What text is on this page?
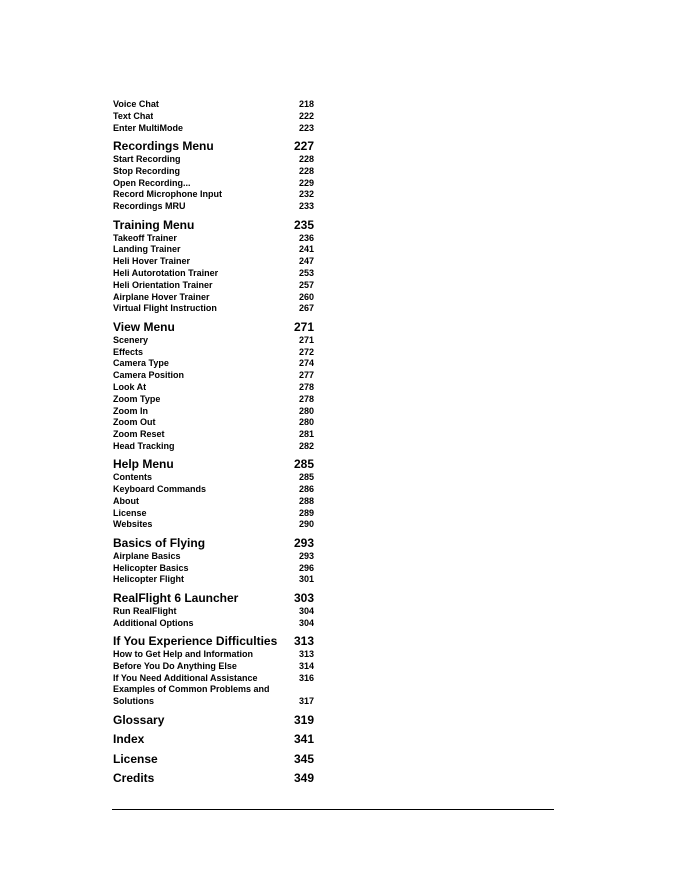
Voice Chat	218
Text Chat	222
Enter MultiMode	223
Recordings Menu	227
Start Recording	228
Stop Recording	228
Open Recording...	229
Record Microphone Input	232
Recordings MRU	233
Training Menu	235
Takeoff Trainer	236
Landing Trainer	241
Heli Hover Trainer	247
Heli Autorotation Trainer	253
Heli Orientation Trainer	257
Airplane Hover Trainer	260
Virtual Flight Instruction	267
View Menu	271
Scenery	271
Effects	272
Camera Type	274
Camera Position	277
Look At	278
Zoom Type	278
Zoom In	280
Zoom Out	280
Zoom Reset	281
Head Tracking	282
Help Menu	285
Contents	285
Keyboard Commands	286
About	288
License	289
Websites	290
Basics of Flying	293
Airplane Basics	293
Helicopter Basics	296
Helicopter Flight	301
RealFlight 6 Launcher	303
Run RealFlight	304
Additional Options	304
If You Experience Difficulties 313
How to Get Help and Information	313
Before You Do Anything Else	314
If You Need Additional Assistance	316
Examples of Common Problems and
Solutions	317
Glossary	319
Index	341
License	345
Credits	349
